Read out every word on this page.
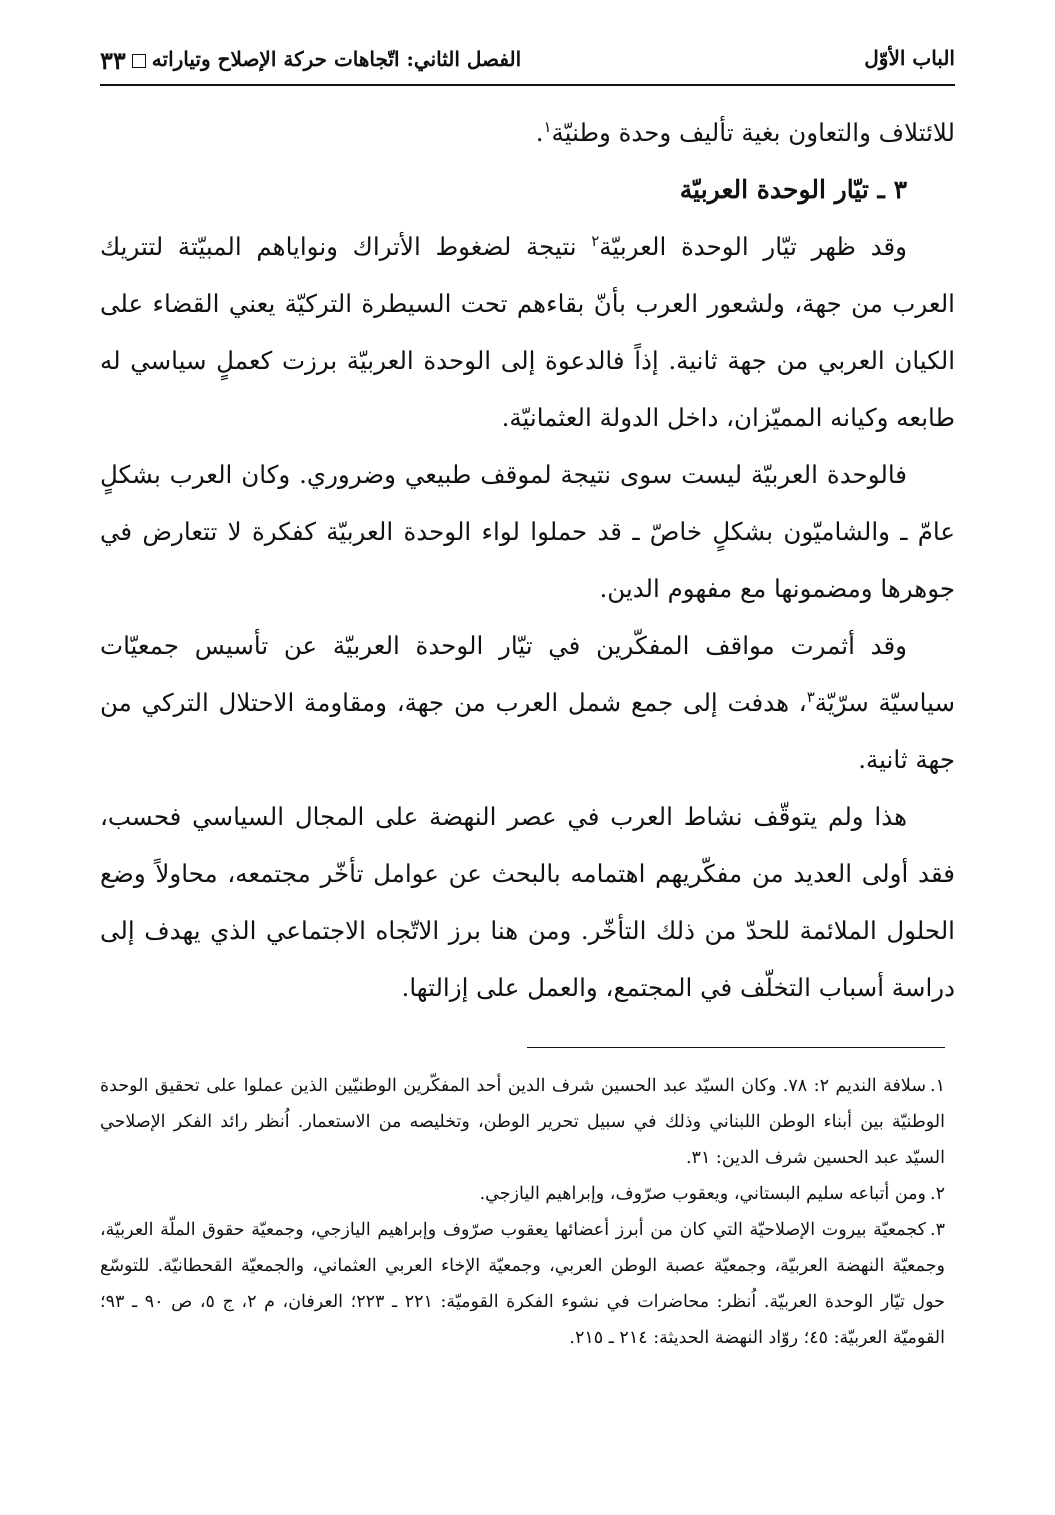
الباب الأوّل
الفصل الثاني: اتّجاهات حركة الإصلاح وتياراته٣٣

للائتلاف والتعاون بغية تأليف وحدة وطنيّة$^١$.

٣ ـ تيّار الوحدة العربيّة

وقد ظهر تيّار الوحدة العربيّة$^٢$ نتيجة لضغوط الأتراك ونواياهم المبيّتة لتتريك العرب من جهة، ولشعور العرب بأنّ بقاءهم تحت السيطرة التركيّة يعني القضاء على الكيان العربي من جهة ثانية. إذاً فالدعوة إلى الوحدة العربيّة برزت كعملٍ سياسي له طابعه وكيانه المميّزان، داخل الدولة العثمانيّة.

فالوحدة العربيّة ليست سوى نتيجة لموقف طبيعي وضروري. وكان العرب بشكلٍ عامّ ـ والشاميّون بشكلٍ خاصّ ـ قد حملوا لواء الوحدة العربيّة كفكرة لا تتعارض في جوهرها ومضمونها مع مفهوم الدين.

وقد أثمرت مواقف المفكّرين في تيّار الوحدة العربيّة عن تأسيس جمعيّات سياسيّة سرّيّة$^٣$، هدفت إلى جمع شمل العرب من جهة، ومقاومة الاحتلال التركي من جهة ثانية.

هذا ولم يتوقّف نشاط العرب في عصر النهضة على المجال السياسي فحسب، فقد أولى العديد من مفكّريهم اهتمامه بالبحث عن عوامل تأخّر مجتمعه، محاولاً وضع الحلول الملائمة للحدّ من ذلك التأخّر. ومن هنا برز الاتّجاه الاجتماعي الذي يهدف إلى دراسة أسباب التخلّف في المجتمع، والعمل على إزالتها.

١.سلافة النديم ٢: ٧٨. وكان السيّد عبد الحسين شرف الدين أحد المفكّرين الوطنيّين الذين عملوا على تحقيق الوحدة الوطنيّة بين أبناء الوطن اللبناني وذلك في سبيل تحرير الوطن، وتخليصه من الاستعمار. اُنظر رائد الفكر الإصلاحي السيّد عبد الحسين شرف الدين: ٣١.

٢.ومن أتباعه سليم البستاني، ويعقوب صرّوف، وإبراهيم اليازجي.

٣.كجمعيّة بيروت الإصلاحيّة التي كان من أبرز أعضائها يعقوب صرّوف وإبراهيم اليازجي، وجمعيّة حقوق الملّة العربيّة، وجمعيّة النهضة العربيّة، وجمعيّة عصبة الوطن العربي، وجمعيّة الإخاء العربي العثماني، والجمعيّة القحطانيّة. للتوسّع حول تيّار الوحدة العربيّة. اُنظر: محاضرات في نشوء الفكرة القوميّة: ٢٢١ ـ ٢٢٣؛ العرفان، م ٢، ج ٥، ص ٩٠ ـ ٩٣؛ القوميّة العربيّة: ٤٥؛ روّاد النهضة الحديثة: ٢١٤ ـ ٢١٥.
